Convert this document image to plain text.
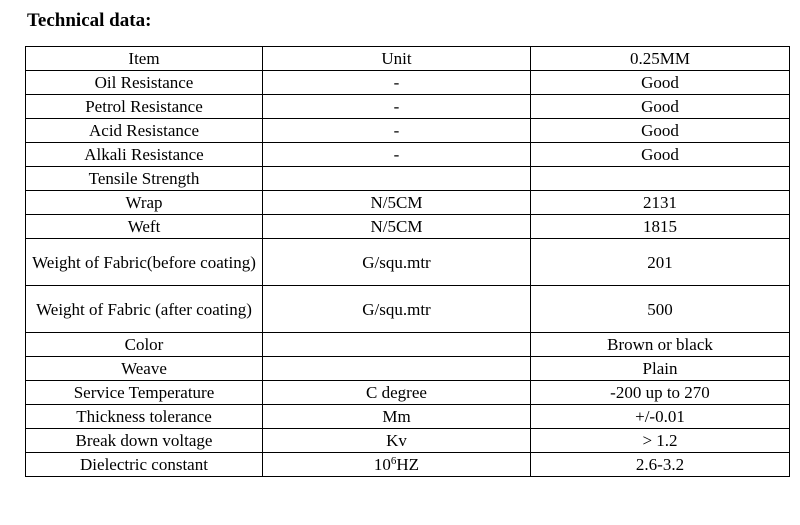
Technical data:
Item	Unit	0.25MM
Oil Resistance	-	Good
Petrol Resistance	-	Good
Acid Resistance	-	Good
Alkali Resistance	-	Good
Tensile Strength		
Wrap	N/5CM	2131
Weft	N/5CM	1815
Weight of Fabric(before coating)	G/squ.mtr	201
Weight of Fabric (after coating)	G/squ.mtr	500
Color		Brown or black
Weave		Plain
Service Temperature	C degree	-200 up to 270
Thickness tolerance	Mm	+/-0.01
Break down voltage	Kv	> 1.2
Dielectric constant	$10^6HZ$	2.6-3.2
